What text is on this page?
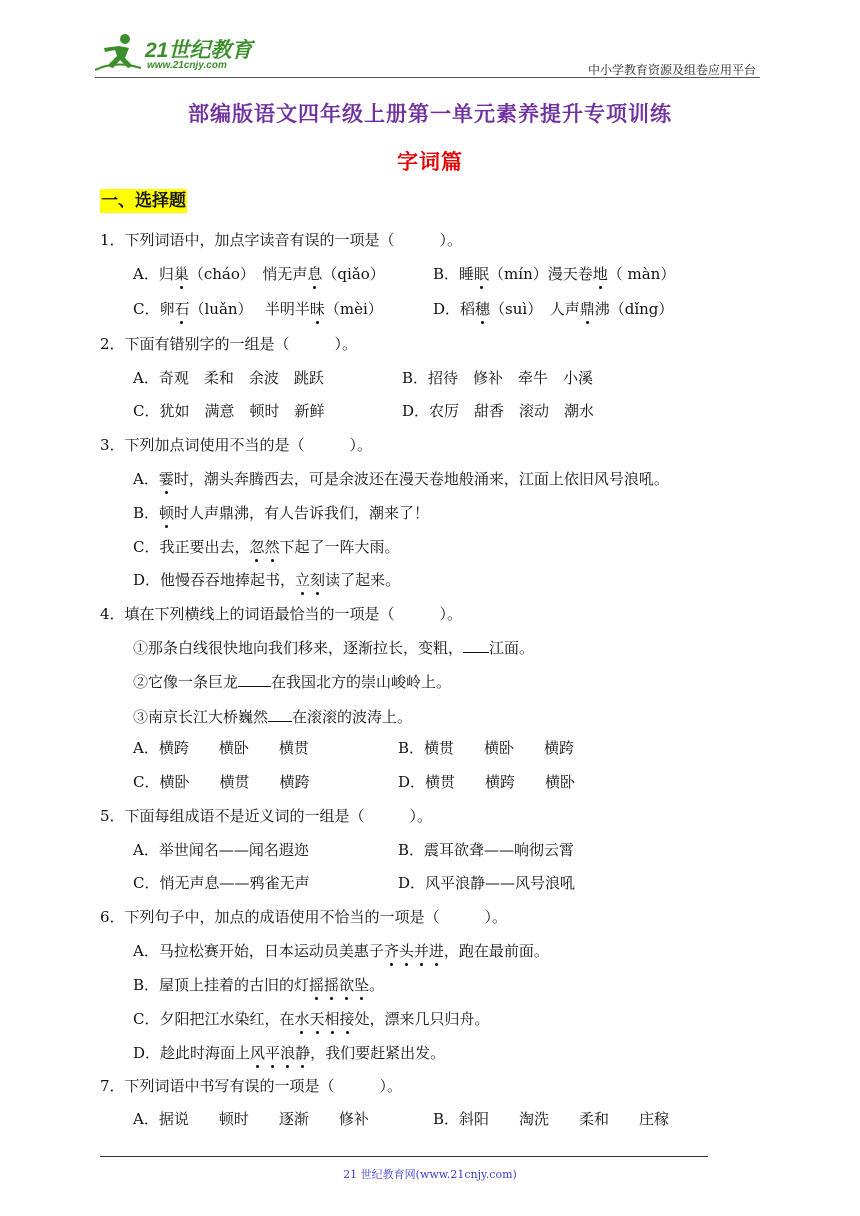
21世纪教育
www.21cnjy.com	中小学教育资源及组卷应用平台
部编版语文四年级上册第一单元素养提升专项训练
字词篇
一、选择题
1．下列词语中，加点字读音有误的一项是（　　　）。
A．归巢（cháo）　悄无声息（qiǎo）	B．睡眠（mín）漫天卷地（ màn）
C．卵石（luǎn）　 半明半昧（mèi）	D．稻穗（suì）　人声鼎沸（dǐng）
2．下面有错别字的一组是（　　　）。
A．奇观　柔和　余波　跳跃	B．招待　修补　牵牛　小溪
C．犹如　满意　顿时　新鲜	D．农厉　甜香　滚动　潮水
3．下列加点词使用不当的是（　　　）。
A．霎时，潮头奔腾西去，可是余波还在漫天卷地般涌来，江面上依旧风号浪吼。
B．顿时人声鼎沸，有人告诉我们，潮来了！
C．我正要出去，忽然下起了一阵大雨。
D．他慢吞吞地捧起书，立刻读了起来。
4．填在下列横线上的词语最恰当的一项是（　　　）。
①那条白线很快地向我们移来，逐渐拉长，变粗， 江面。
②它像一条巨龙 在我国北方的崇山峻岭上。
③南京长江大桥巍然 在滚滚的波涛上。
A．横跨　　横卧　　横贯	B．横贯　　横卧　　横跨
C．横卧　　横贯　　横跨	D．横贯　　横跨　　横卧
5．下面每组成语不是近义词的一组是（　　　）。
A．举世闻名——闻名遐迩	B．震耳欲聋——响彻云霄
C．悄无声息——鸦雀无声	D．风平浪静——风号浪吼
6．下列句子中，加点的成语使用不恰当的一项是（　　　）。
A．马拉松赛开始，日本运动员美惠子齐头并进，跑在最前面。
B．屋顶上挂着的古旧的灯摇摇欲坠。
C．夕阳把江水染红，在水天相接处，漂来几只归舟。
D．趁此时海面上风平浪静，我们要赶紧出发。
7．下列词语中书写有误的一项是（　　　）。
A．据说　　顿时　　逐渐　　修补	B．斜阳　　淘洗　　柔和　　庄稼
21 世纪教育网(www.21cnjy.com)
